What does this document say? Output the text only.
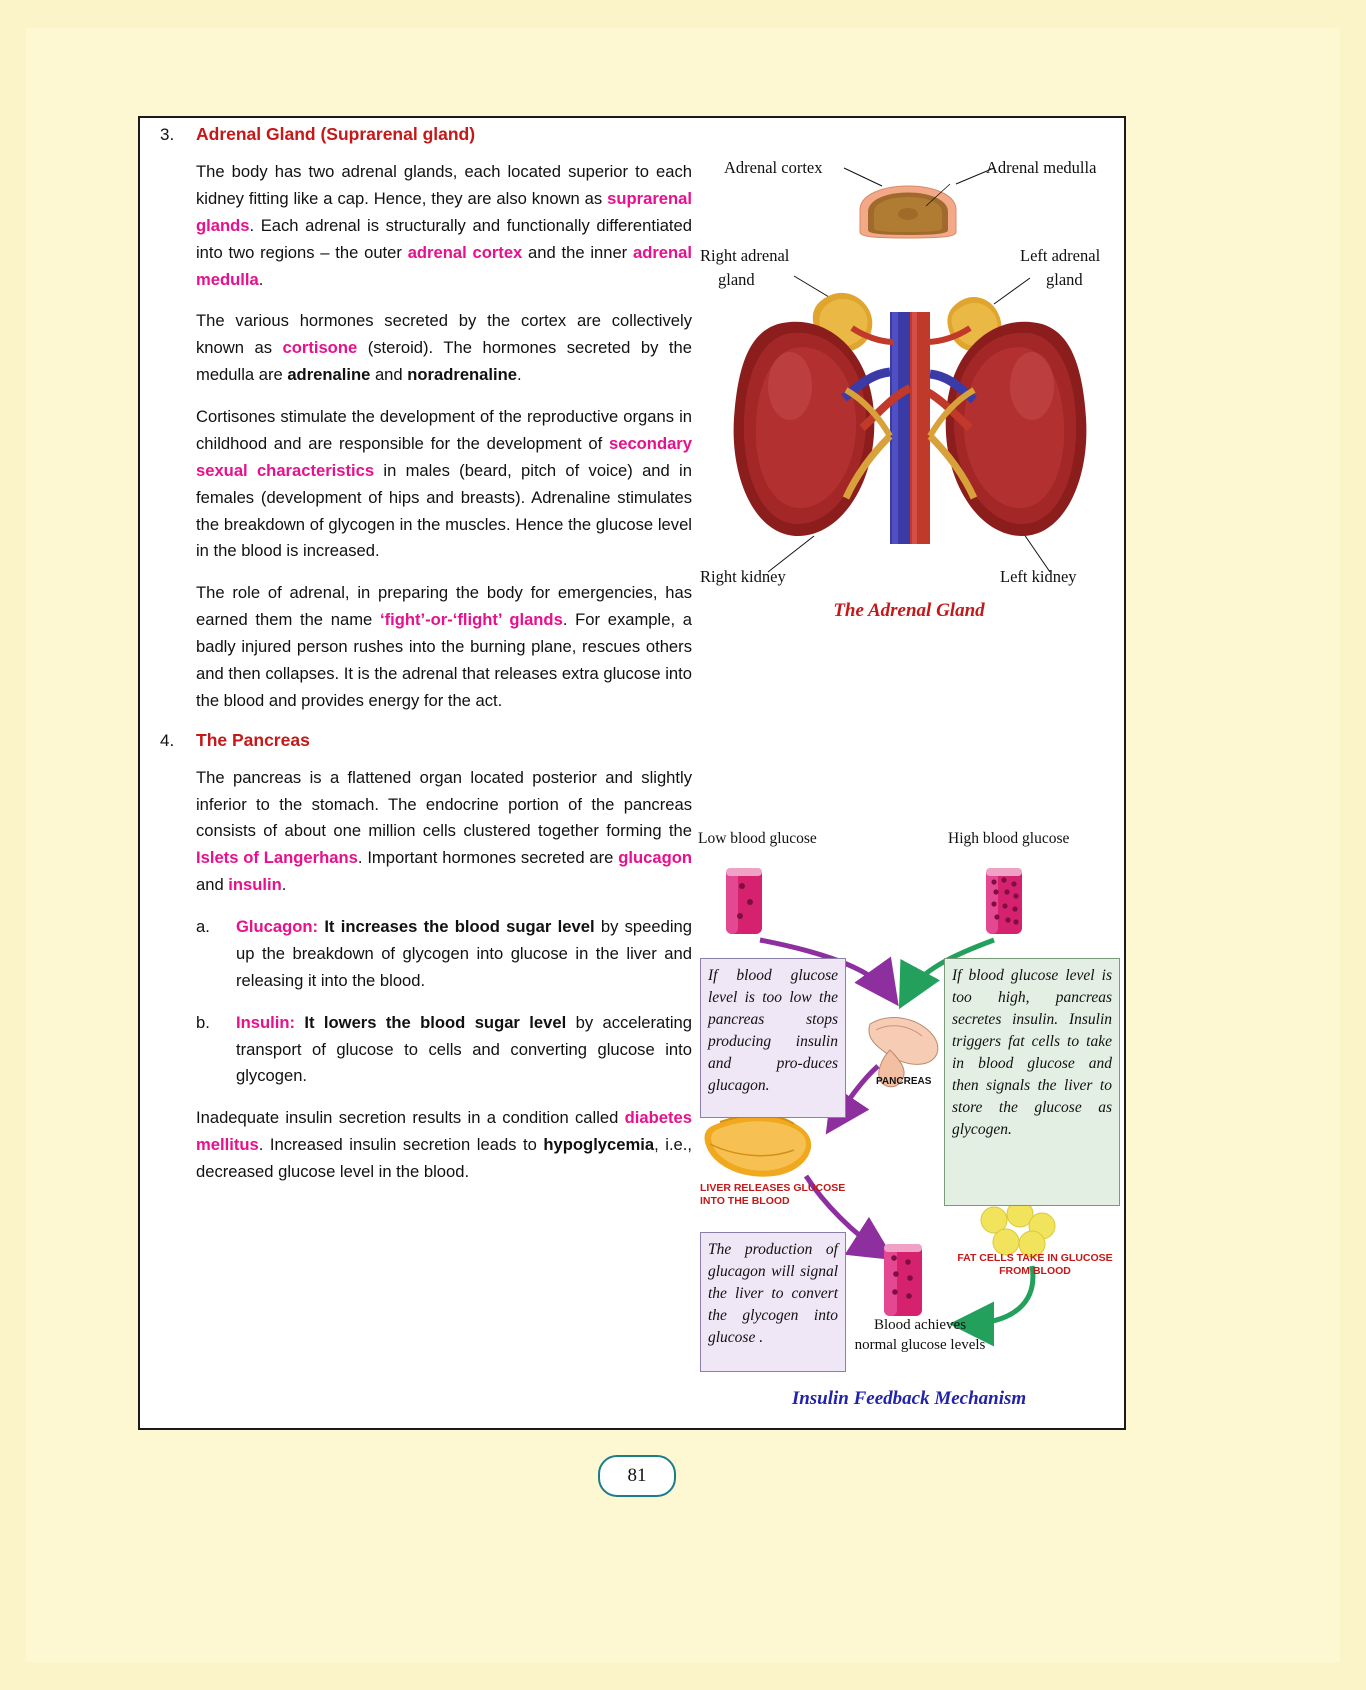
3.	Adrenal Gland (Suprarenal gland)

The body has two adrenal glands, each located superior to each kidney fitting like a cap. Hence, they are also known as suprarenal glands. Each adrenal is structurally and functionally differentiated into two regions – the outer adrenal cortex and the inner adrenal medulla.

The various hormones secreted by the cortex are collectively known as cortisone (steroid). The hormones secreted by the medulla are adrenaline and noradrenaline.

Cortisones stimulate the development of the reproductive organs in childhood and are responsible for the development of secondary sexual characteristics in males (beard, pitch of voice) and in females (development of hips and breasts). Adrenaline stimulates the breakdown of glycogen in the muscles. Hence the glucose level in the blood is increased.

The role of adrenal, in preparing the body for emergencies, has earned them the name ‘fight’-or-‘flight’ glands. For example, a badly injured person rushes into the burning plane, rescues others and then collapses. It is the adrenal that releases extra glucose into the blood and provides energy for the act.

4.	The Pancreas

The pancreas is a flattened organ located posterior and slightly inferior to the stomach. The endocrine portion of the pancreas consists of about one million cells clustered together forming the Islets of Langerhans. Important hormones secreted are glucagon and insulin.

a.	Glucagon: It increases the blood sugar level by speeding up the breakdown of glycogen into glucose in the liver and releasing it into the blood.
b.	Insulin: It lowers the blood sugar level by accelerating transport of glucose to cells and converting glucose into glycogen.

Inadequate insulin secretion results in a condition called diabetes mellitus. Increased insulin secretion leads to hypoglycemia, i.e., decreased glucose level in the blood.

Adrenal cortex	Adrenal medulla
Right adrenal
gland
Left adrenal
gland
Right kidney	Left kidney
The Adrenal Gland
Low blood glucose	High blood glucose
PANCREAS
If blood glucose level is too low the pancreas stops producing insulin and pro-duces glucagon.
If blood glucose level is too high, pancreas secretes insulin. Insulin triggers fat cells to take in blood glucose and then signals the liver to store the glucose as glycogen.
The production of glucagon will signal the liver to convert the glycogen into glucose .
LIVER RELEASES GLUCOSE INTO THE BLOOD
FAT CELLS TAKE IN GLUCOSE FROM BLOOD
Blood achieves normal glucose levels
Insulin Feedback Mechanism
81
